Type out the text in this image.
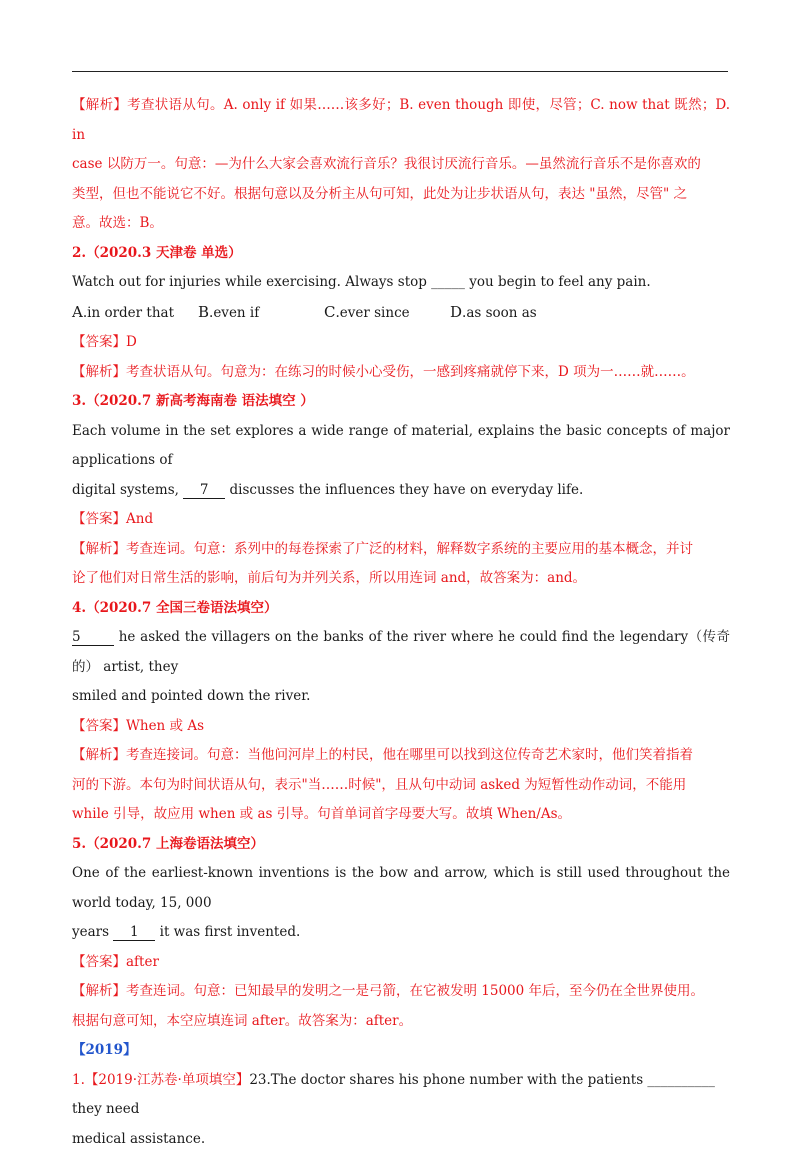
【解析】考查状语从句。A. only if 如果……该多好；B. even though 即使，尽管；C. now that 既然；D. in

case 以防万一。句意：—为什么大家会喜欢流行音乐？我很讨厌流行音乐。—虽然流行音乐不是你喜欢的

类型，但也不能说它不好。根据句意以及分析主从句可知，此处为让步状语从句，表达 "虽然，尽管" 之

意。故选：B。

2.（2020.3 天津卷 单选）

Watch out for injuries while exercising. Always stop _____ you begin to feel any pain.

A.in order that	B.even if	C.ever since	D.as soon as

【答案】D

【解析】考查状语从句。句意为：在练习的时候小心受伤，一感到疼痛就停下来，D 项为一……就……。

3.（2020.7 新高考海南卷 语法填空 ）

Each volume in the set explores a wide range of material, explains the basic concepts of major applications of

digital systems, 7 discusses the influences they have on everyday life.

【答案】And

【解析】考查连词。句意：系列中的每卷探索了广泛的材料，解释数字系统的主要应用的基本概念，并讨

论了他们对日常生活的影响，前后句为并列关系，所以用连词 and，故答案为：and。

4.（2020.7 全国三卷语法填空）

5 he asked the villagers on the banks of the river where he could find the legendary（传奇的） artist, they

smiled and pointed down the river.

【答案】When 或 As

【解析】考查连接词。句意：当他问河岸上的村民，他在哪里可以找到这位传奇艺术家时，他们笑着指着

河的下游。本句为时间状语从句，表示"当……时候"，且从句中动词 asked 为短暂性动作动词，不能用

while 引导，故应用 when 或 as 引导。句首单词首字母要大写。故填 When/As。

5.（2020.7 上海卷语法填空）

One of the earliest-known inventions is the bow and arrow, which is still used throughout the world today, 15, 000

years 1 it was first invented.

【答案】after

【解析】考查连词。句意：已知最早的发明之一是弓箭，在它被发明 15000 年后，至今仍在全世界使用。

根据句意可知，本空应填连词 after。故答案为：after。

【2019】

1.【2019·江苏卷·单项填空】23.The doctor shares his phone number with the patients __________ they need

medical assistance.
